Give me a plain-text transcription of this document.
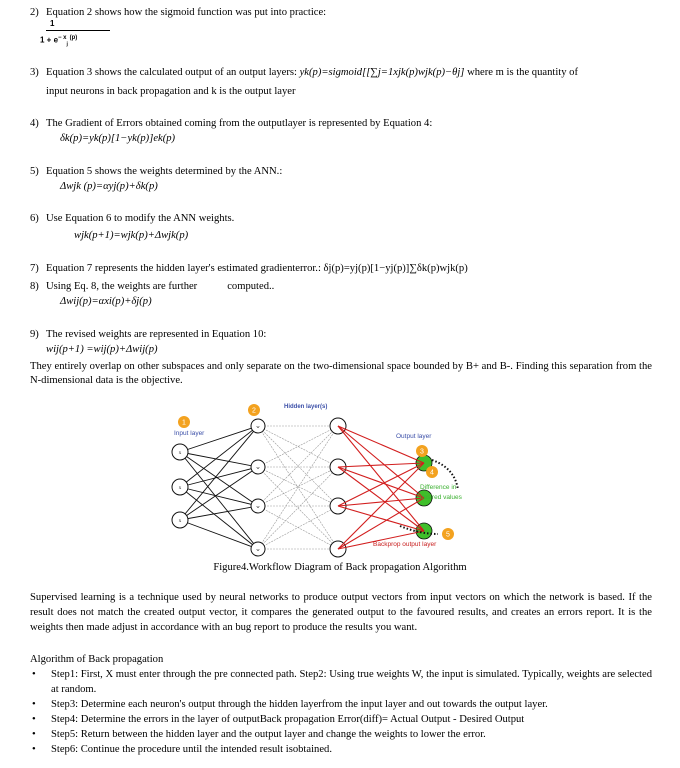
2) Equation 2 shows how the sigmoid function was put into practice:
1
$1 + e^{- x}_j$ $^{(p)}$
3) Equation 3 shows the calculated output of an output layers: yk(p)=sigmoid[[∑j=1xjk(p)wjk(p)−θj] where m is the quantity of
input neurons in back propagation and k is the output layer
4) The Gradient of Errors obtained coming from the outputlayer is represented by Equation 4:
δk(p)=yk(p)[1−yk(p)]ek(p)
5) Equation 5 shows the weights determined by the ANN.:
Δwjk (p)=αyj(p)+δk(p)
6) Use Equation 6 to modify the ANN weights.
wjk(p+1)=wjk(p)+Δwjk(p)
7) Equation 7 represents the hidden layer's estimated gradienterror.: δj(p)=yj(p)[1−yj(p)]∑δk(p)wjk(p)
8) Using Eq. 8, the weights are further	computed..
Δwij(p)=αxi(p)+δj(p)
9) The revised weights are represented in Equation 10:
wij(p+1) =wij(p)+Δwij(p)
They entirely overlap on other subspaces and only separate on the two-dimensional space bounded by B+ and B-. Finding this separation from the N-dimensional data is the objective.
x
x
x
w
w
w
w
Hidden layer(s)
Input layer	Output layer
Difference in
desired values
Backprop output layer
1
2
3
4
5
Figure4.Workflow Diagram of Back propagation Algorithm
Supervised learning is a technique used by neural networks to produce output vectors from input vectors on which the network is based. If the result does not match the created output vector, it compares the generated output to the favoured results, and creates an errors report. It is the weights then made adjust in accordance with an bug report to produce the results you want.
Algorithm of Back propagation
• Step1: First, X must enter through the pre connected path. Step2: Using true weights W, the input is simulated. Typically, weights are selected at random.
• Step3: Determine each neuron's output through the hidden layerfrom the input layer and out towards the output layer.
• Step4: Determine the errors in the layer of outputBack propagation Error(diff)= Actual Output - Desired Output
• Step5: Return between the hidden layer and the output layer and change the weights to lower the error.
• Step6: Continue the procedure until the intended result isobtained.
